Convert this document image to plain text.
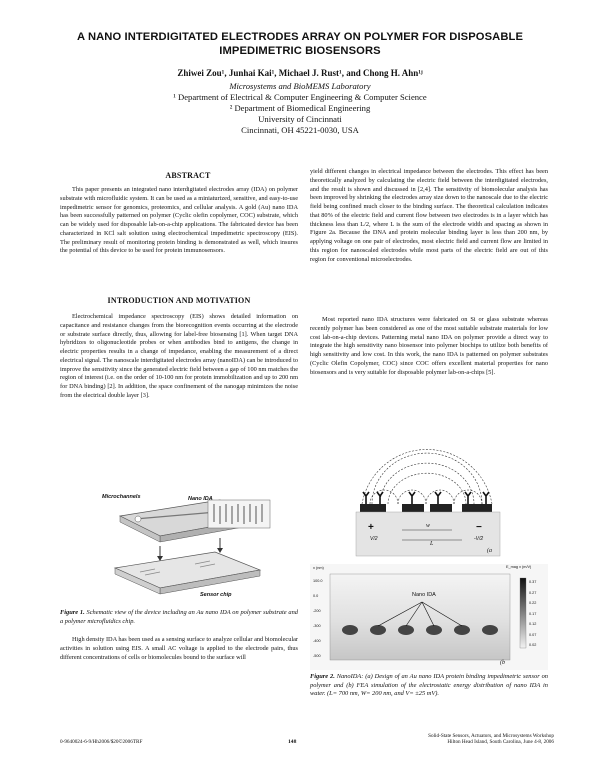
A NANO INTERDIGITATED ELECTRODES ARRAY ON POLYMER FOR DISPOSABLE
IMPEDIMETRIC BIOSENSORS
Zhiwei Zou¹, Junhai Kai¹, Michael J. Rust¹, and Chong H. Ahn¹ʲ
Microsystems and BioMEMS Laboratory
¹ Department of Electrical & Computer Engineering & Computer Science
² Department of Biomedical Engineering
University of Cincinnati
Cincinnati, OH 45221-0030, USA
ABSTRACT
This paper presents an integrated nano interdigitated electrodes array (IDA) on polymer substrate with microfluidic system. It can be used as a miniaturized, sensitive, and easy-to-use impedimetric sensor for genomics, proteomics, and cellular analysis. A gold (Au) nano IDA has been successfully patterned on polymer (Cyclic olefin copolymer, COC) substrate, which can be widely used for disposable lab-on-a-chip applications. The fabricated device has been characterized in KCl salt solution using electrochemical impedimetric spectroscopy (EIS). The preliminary result of monitoring protein binding is demonstrated as well, which insures the potential of this device to be used for protein immunosensors.
INTRODUCTION AND MOTIVATION
Electrochemical impedance spectroscopy (EIS) shows detailed information on capacitance and resistance changes from the biorecognition events occurring at the electrode or substrate surface directly, thus, allowing for label-free biosensing [1]. When target DNA hybridizes to oligonucleotide probes or when antibodies bind to antigens, the change in electric properties results in a change of impedance, enabling the measurement of a direct electrical signal. The nanoscale interdigitated electrodes array (nanoIDA) can be introduced to improve the sensitivity since the generated electric field between a gap of 100 nm matches the region of interest (i.e. on the order of 10-100 nm for protein immobilization and up to 200 nm for DNA binding) [2]. In addition, the space confinement of the nanogap minimizes the noise from the electrical double layer [3].
Microchannels	Nano IDA
Sensor chip
Figure 1. Schematic view of the device including an Au nano IDA on polymer substrate and a polymer microfluidics chip.
High density IDA has been used as a sensing surface to analyze cellular and biomolecular activities in solution using EIS. A small AC voltage is applied to the electrode pairs, thus different concentrations of cells or biomolecules bound to the surface will
yield different changes in electrical impedance between the electrodes. This effect has been theoretically analyzed by calculating the electric field between the interdigitated electrodes, and the result is shown and discussed in [2,4]. The sensitivity of biomolecular analysis has been improved by shrinking the electrodes array size down to the nanoscale due to the electric field being confined much closer to the binding surface. The theoretical calculation indicates that 80% of the electric field and current flow between two electrodes is in a layer which has thickness less than L/2, where L is the sum of the electrode width and spacing as shown in Figure 2a. Because the DNA and protein molecular binding layer is less than 200 nm, by applying voltage on one pair of electrodes, most electric field and current flow are limited in this region for nanoscaled electrodes while most parts of the electric field are out of this region for conventional microelectrodes.
Most reported nano IDA structures were fabricated on Si or glass substrate whereas recently polymer has been considered as one of the most suitable substrate materials for low cost lab-on-a-chip devices. Patterning metal nano IDA on polymer provide a direct way to integrate the high sensitivity nano biosensor into polymer biochips to utilize both benefits of high sensitivity and low cost. In this work, the nano IDA is patterned on polymer substrates (Cyclic Olefin Copolymer, COC) since COC offers excellent material properties for nano biosensors and is very suitable for disposable polymer lab-on-a-chips [5].
+	−
V/2	-V/2
w
L
(a
Nano IDA
E_mag x (m/V)
0.37
0.27
0.22
0.17
0.12
0.07
0.02
x (nm)
100.0
0.0
-200
-300
-400
-500
(b
Figure 2. NanoIDA: (a) Design of an Au nano IDA protein binding impedimetric sensor on polymer and (b) FEA simulation of the electrostatic energy distribution of nano IDA in water. (L= 700 nm, W= 200 nm, and V= ±25 mV).
0-9640024-6-9/Hh2006/$20©2006TRF	148
Solid-State Sensors, Actuators, and Microsystems Workshop
Hilton Head Island, South Carolina, June 4-8, 2006
